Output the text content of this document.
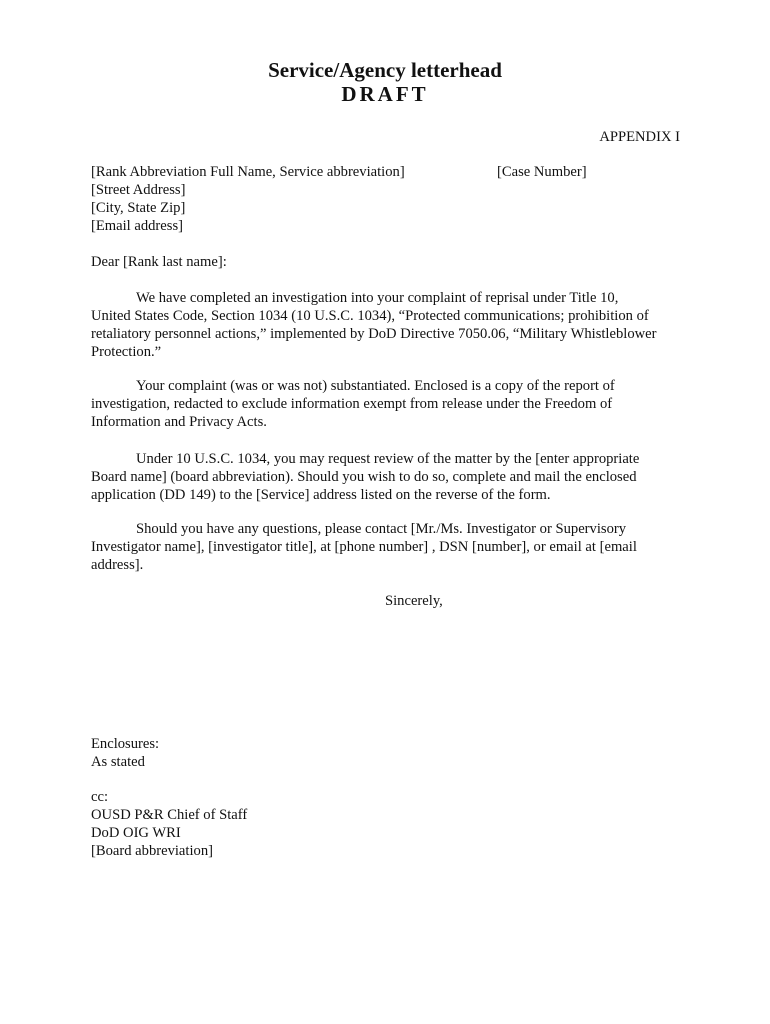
Service/Agency letterhead
DRAFT
APPENDIX I
[Rank Abbreviation Full Name, Service abbreviation]
[Street Address]
[City, State Zip]
[Email address]
[Case Number]
Dear [Rank last name]:

We have completed an investigation into your complaint of reprisal under Title 10,
United States Code, Section 1034 (10 U.S.C. 1034), “Protected communications; prohibition of
retaliatory personnel actions,” implemented by DoD Directive 7050.06, “Military Whistleblower
Protection.”

Your complaint (was or was not) substantiated. Enclosed is a copy of the report of
investigation, redacted to exclude information exempt from release under the Freedom of
Information and Privacy Acts.

Under 10 U.S.C. 1034, you may request review of the matter by the [enter appropriate
Board name] (board abbreviation). Should you wish to do so, complete and mail the enclosed
application (DD 149) to the [Service] address listed on the reverse of the form.

Should you have any questions, please contact [Mr./Ms. Investigator or Supervisory
Investigator name], [investigator title], at [phone number] , DSN [number], or email at [email
address].

Sincerely,
Enclosures:
As stated
cc:
OUSD P&R Chief of Staff
DoD OIG WRI
[Board abbreviation]
